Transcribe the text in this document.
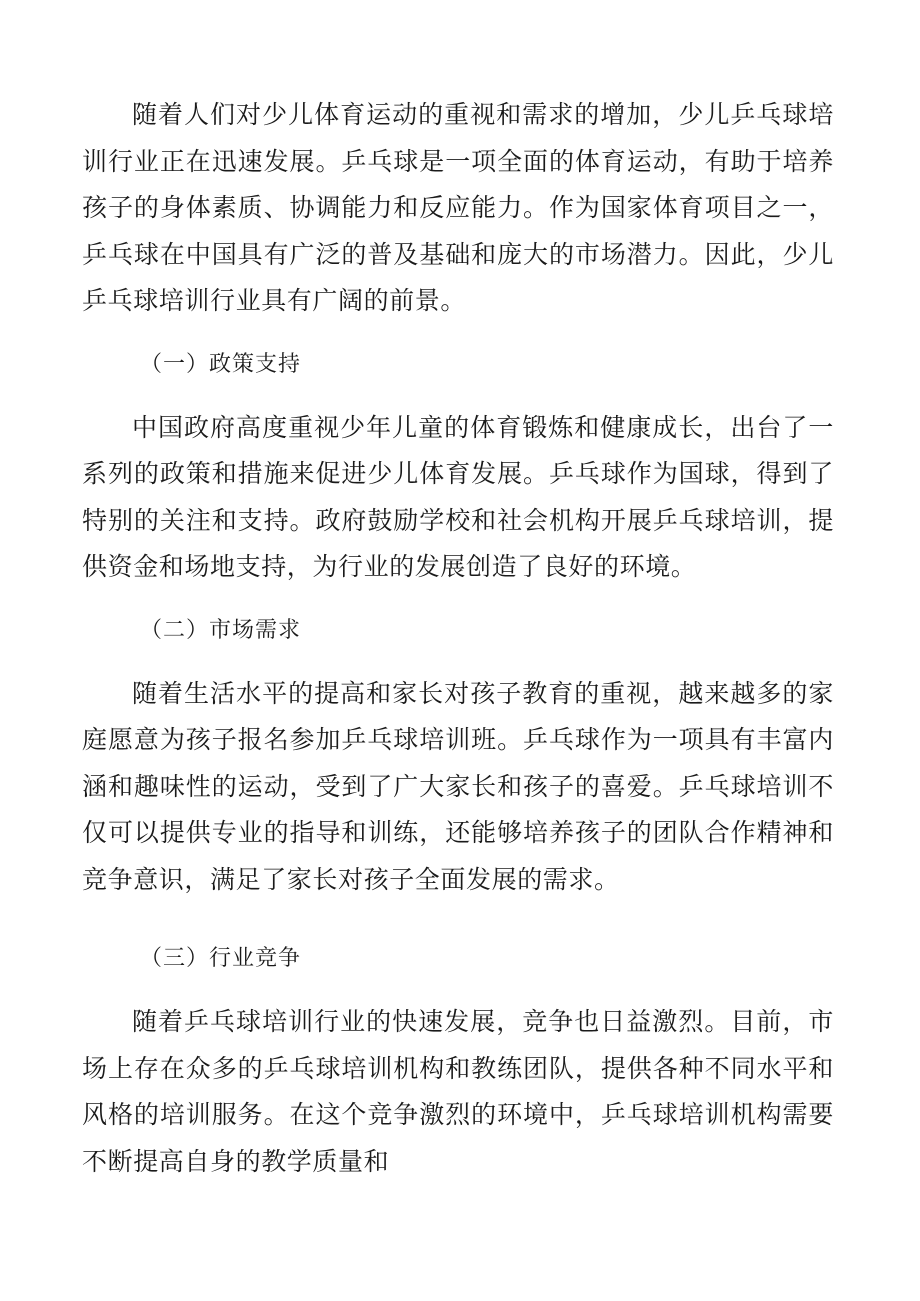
随着人们对少儿体育运动的重视和需求的增加，少儿乒乓球培训行业正在迅速发展。乒乓球是一项全面的体育运动，有助于培养孩子的身体素质、协调能力和反应能力。作为国家体育项目之一，乒乓球在中国具有广泛的普及基础和庞大的市场潜力。因此，少儿乒乓球培训行业具有广阔的前景。

（一）政策支持

中国政府高度重视少年儿童的体育锻炼和健康成长，出台了一系列的政策和措施来促进少儿体育发展。乒乓球作为国球，得到了特别的关注和支持。政府鼓励学校和社会机构开展乒乓球培训，提供资金和场地支持，为行业的发展创造了良好的环境。

（二）市场需求

随着生活水平的提高和家长对孩子教育的重视，越来越多的家庭愿意为孩子报名参加乒乓球培训班。乒乓球作为一项具有丰富内涵和趣味性的运动，受到了广大家长和孩子的喜爱。乒乓球培训不仅可以提供专业的指导和训练，还能够培养孩子的团队合作精神和竞争意识，满足了家长对孩子全面发展的需求。

（三）行业竞争

随着乒乓球培训行业的快速发展，竞争也日益激烈。目前，市场上存在众多的乒乓球培训机构和教练团队，提供各种不同水平和风格的培训服务。在这个竞争激烈的环境中，乒乓球培训机构需要不断提高自身的教学质量和
